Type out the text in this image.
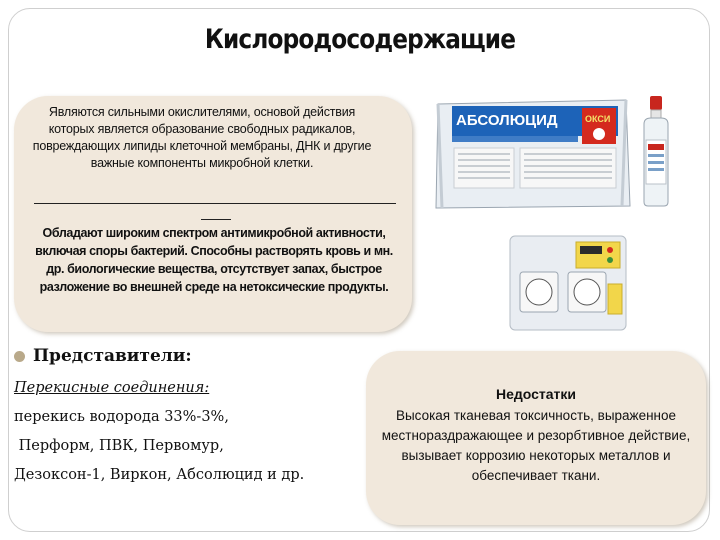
Кислородосодержащие
Являются сильными окислителями, основой действия которых является образование свободных радикалов, повреждающих липиды клеточной мембраны, ДНК и другие важные компоненты микробной клетки.
Обладают широким спектром антимикробной активности, включая споры бактерий. Способны растворять кровь и мн. др. биологические вещества, отсутствует запах, быстрое разложение во внешней среде на нетоксические продукты.
АБСОЛЮЦИД	ОКСИ
Представители:
Перекисные соединения:
перекись водорода 33%-3%,
Перформ, ПВК, Первомур,
Дезоксон-1, Виркон, Абсолюцид и др.
Недостатки
Высокая тканевая токсичность, выраженное местнораздражающее и резорбтивное действие, вызывает коррозию некоторых металлов и обеспечивает ткани.
